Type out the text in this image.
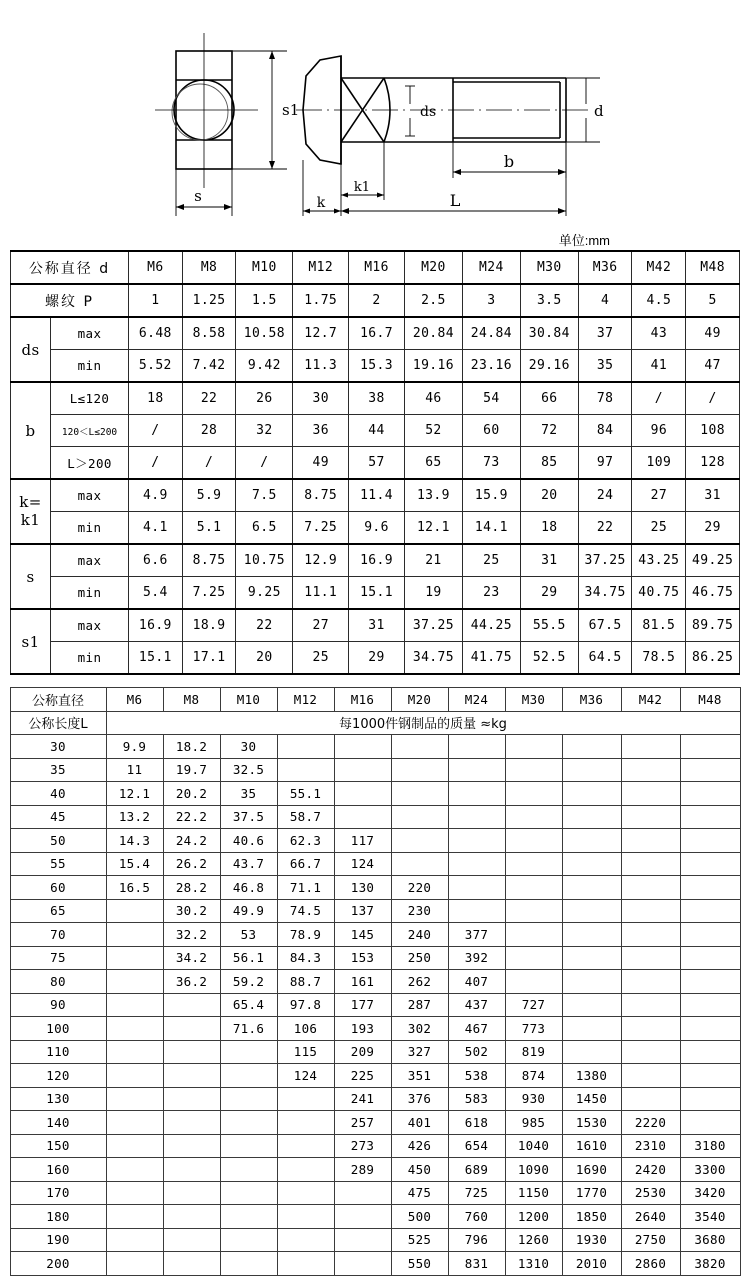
s1
s
ds	d
b
k1
k	L
单位:mm
公称直径 d		M6	M8	M10	M12	M16	M20	M24	M30	M36	M42	M48
螺纹 P		1	1.25	1.5	1.75	2	2.5	3	3.5	4	4.5	5
ds	max	6.48	8.58	10.58	12.7	16.7	20.84	24.84	30.84	37	43	49
	min	5.52	7.42	9.42	11.3	15.3	19.16	23.16	29.16	35	41	47
b	L≤120	18	22	26	30	38	46	54	66	78	/	/
	120＜L≤200	/	28	32	36	44	52	60	72	84	96	108
	L＞200	/	/	/	49	57	65	73	85	97	109	128
k=
k1	max	4.9	5.9	7.5	8.75	11.4	13.9	15.9	20	24	27	31
	min	4.1	5.1	6.5	7.25	9.6	12.1	14.1	18	22	25	29
s	max	6.6	8.75	10.75	12.9	16.9	21	25	31	37.25	43.25	49.25
	min	5.4	7.25	9.25	11.1	15.1	19	23	29	34.75	40.75	46.75
s1	max	16.9	18.9	22	27	31	37.25	44.25	55.5	67.5	81.5	89.75
	min	15.1	17.1	20	25	29	34.75	41.75	52.5	64.5	78.5	86.25
公称直径	M6	M8	M10	M12	M16	M20	M24	M30	M36	M42	M48
公称长度L	每1000件钢制品的质量 ≈kg										
30	9.9	18.2	30								
35	11	19.7	32.5								
40	12.1	20.2	35	55.1							
45	13.2	22.2	37.5	58.7							
50	14.3	24.2	40.6	62.3	117						
55	15.4	26.2	43.7	66.7	124						
60	16.5	28.2	46.8	71.1	130	220					
65		30.2	49.9	74.5	137	230					
70		32.2	53	78.9	145	240	377				
75		34.2	56.1	84.3	153	250	392				
80		36.2	59.2	88.7	161	262	407				
90			65.4	97.8	177	287	437	727			
100			71.6	106	193	302	467	773			
110				115	209	327	502	819			
120				124	225	351	538	874	1380		
130					241	376	583	930	1450		
140					257	401	618	985	1530	2220	
150					273	426	654	1040	1610	2310	3180
160					289	450	689	1090	1690	2420	3300
170						475	725	1150	1770	2530	3420
180						500	760	1200	1850	2640	3540
190						525	796	1260	1930	2750	3680
200						550	831	1310	2010	2860	3820
